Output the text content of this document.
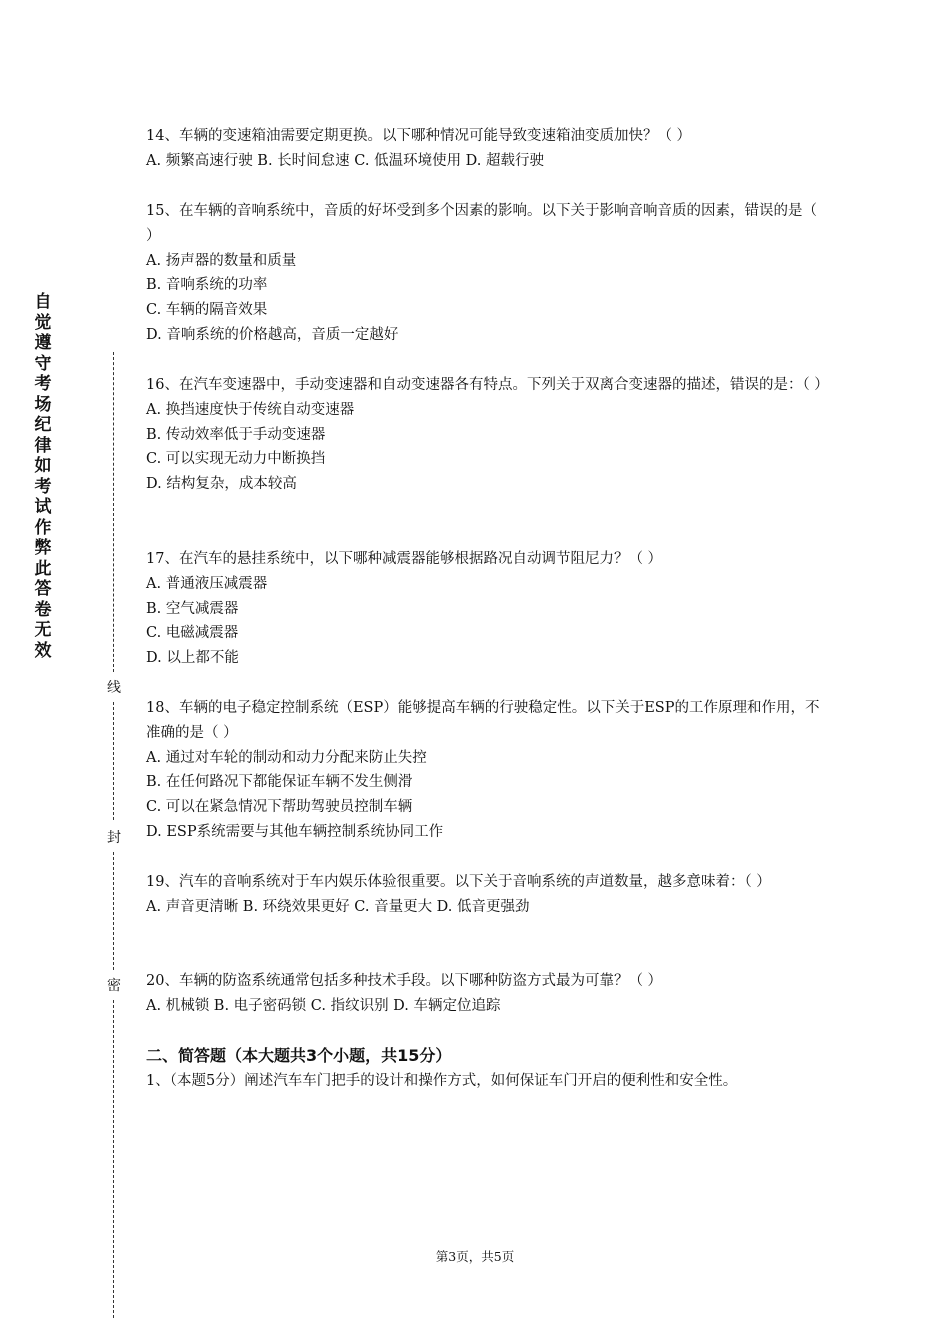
自觉遵守考场纪律如考试作弊此答卷无效
线
封
密
14、车辆的变速箱油需要定期更换。以下哪种情况可能导致变速箱油变质加快？（ ）
A. 频繁高速行驶 B. 长时间怠速 C. 低温环境使用 D. 超载行驶
15、在车辆的音响系统中，音质的好坏受到多个因素的影响。以下关于影响音响音质的因素，错误的是（ ）
A. 扬声器的数量和质量
B. 音响系统的功率
C. 车辆的隔音效果
D. 音响系统的价格越高，音质一定越好
16、在汽车变速器中，手动变速器和自动变速器各有特点。下列关于双离合变速器的描述，错误的是：（ ）
A. 换挡速度快于传统自动变速器
B. 传动效率低于手动变速器
C. 可以实现无动力中断换挡
D. 结构复杂，成本较高
17、在汽车的悬挂系统中，以下哪种减震器能够根据路况自动调节阻尼力？（ ）
A. 普通液压减震器
B. 空气减震器
C. 电磁减震器
D. 以上都不能
18、车辆的电子稳定控制系统（ESP）能够提高车辆的行驶稳定性。以下关于ESP的工作原理和作用，不准确的是（ ）
A. 通过对车轮的制动和动力分配来防止失控
B. 在任何路况下都能保证车辆不发生侧滑
C. 可以在紧急情况下帮助驾驶员控制车辆
D. ESP系统需要与其他车辆控制系统协同工作
19、汽车的音响系统对于车内娱乐体验很重要。以下关于音响系统的声道数量，越多意味着：（ ）
A. 声音更清晰 B. 环绕效果更好 C. 音量更大 D. 低音更强劲
20、车辆的防盗系统通常包括多种技术手段。以下哪种防盗方式最为可靠？（ ）
A. 机械锁 B. 电子密码锁 C. 指纹识别 D. 车辆定位追踪
二、简答题（本大题共3个小题，共15分）
1、（本题5分）阐述汽车车门把手的设计和操作方式，如何保证车门开启的便利性和安全性。
第3页，共5页
